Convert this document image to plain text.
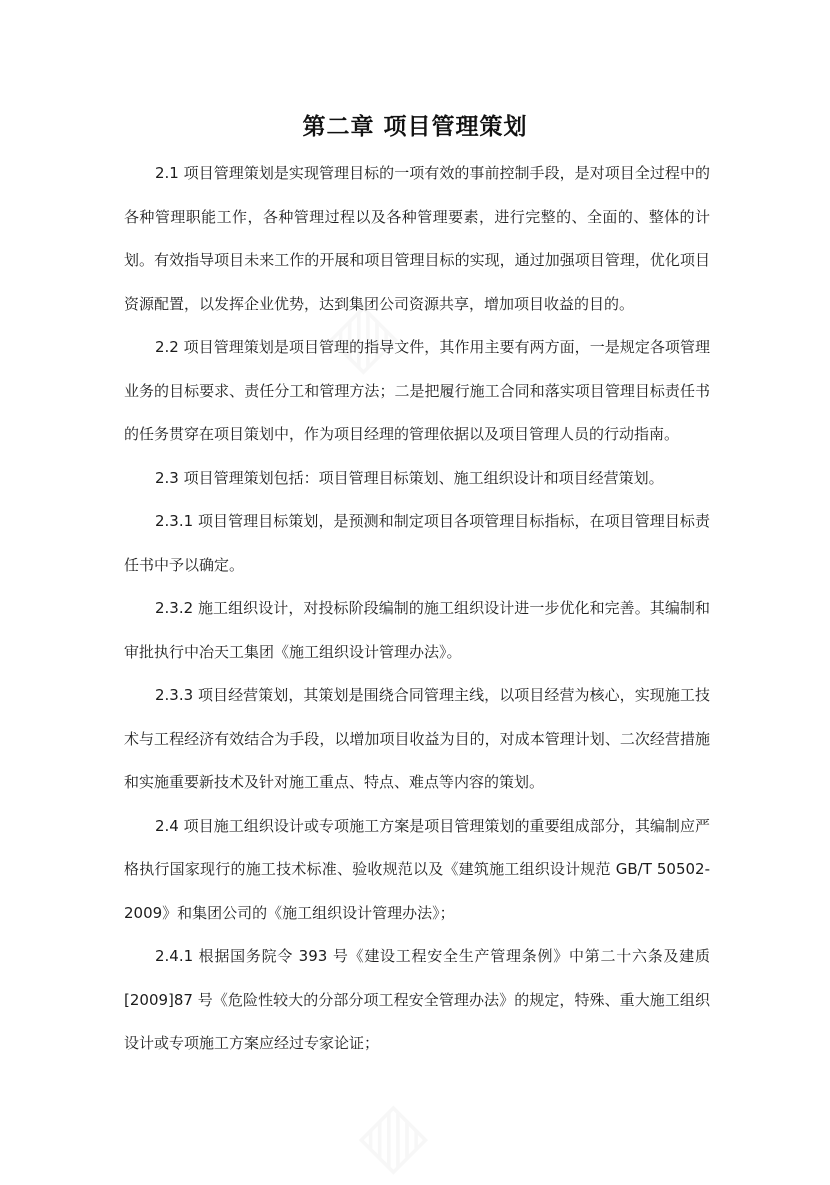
▨
▨
第二章 项目管理策划

2.1 项目管理策划是实现管理目标的一项有效的事前控制手段，是对项目全过程中的各种管理职能工作，各种管理过程以及各种管理要素，进行完整的、全面的、整体的计划。有效指导项目未来工作的开展和项目管理目标的实现，通过加强项目管理，优化项目资源配置，以发挥企业优势，达到集团公司资源共享，增加项目收益的目的。

2.2 项目管理策划是项目管理的指导文件，其作用主要有两方面，一是规定各项管理业务的目标要求、责任分工和管理方法；二是把履行施工合同和落实项目管理目标责任书的任务贯穿在项目策划中，作为项目经理的管理依据以及项目管理人员的行动指南。

2.3 项目管理策划包括：项目管理目标策划、施工组织设计和项目经营策划。

2.3.1 项目管理目标策划，是预测和制定项目各项管理目标指标，在项目管理目标责任书中予以确定。

2.3.2 施工组织设计，对投标阶段编制的施工组织设计进一步优化和完善。其编制和审批执行中冶天工集团《施工组织设计管理办法》。

2.3.3 项目经营策划，其策划是围绕合同管理主线，以项目经营为核心，实现施工技术与工程经济有效结合为手段，以增加项目收益为目的，对成本管理计划、二次经营措施和实施重要新技术及针对施工重点、特点、难点等内容的策划。

2.4 项目施工组织设计或专项施工方案是项目管理策划的重要组成部分，其编制应严格执行国家现行的施工技术标准、验收规范以及《建筑施工组织设计规范 GB/T 50502-2009》和集团公司的《施工组织设计管理办法》；

2.4.1 根据国务院令 393 号《建设工程安全生产管理条例》中第二十六条及建质[2009]87 号《危险性较大的分部分项工程安全管理办法》的规定，特殊、重大施工组织设计或专项施工方案应经过专家论证；
